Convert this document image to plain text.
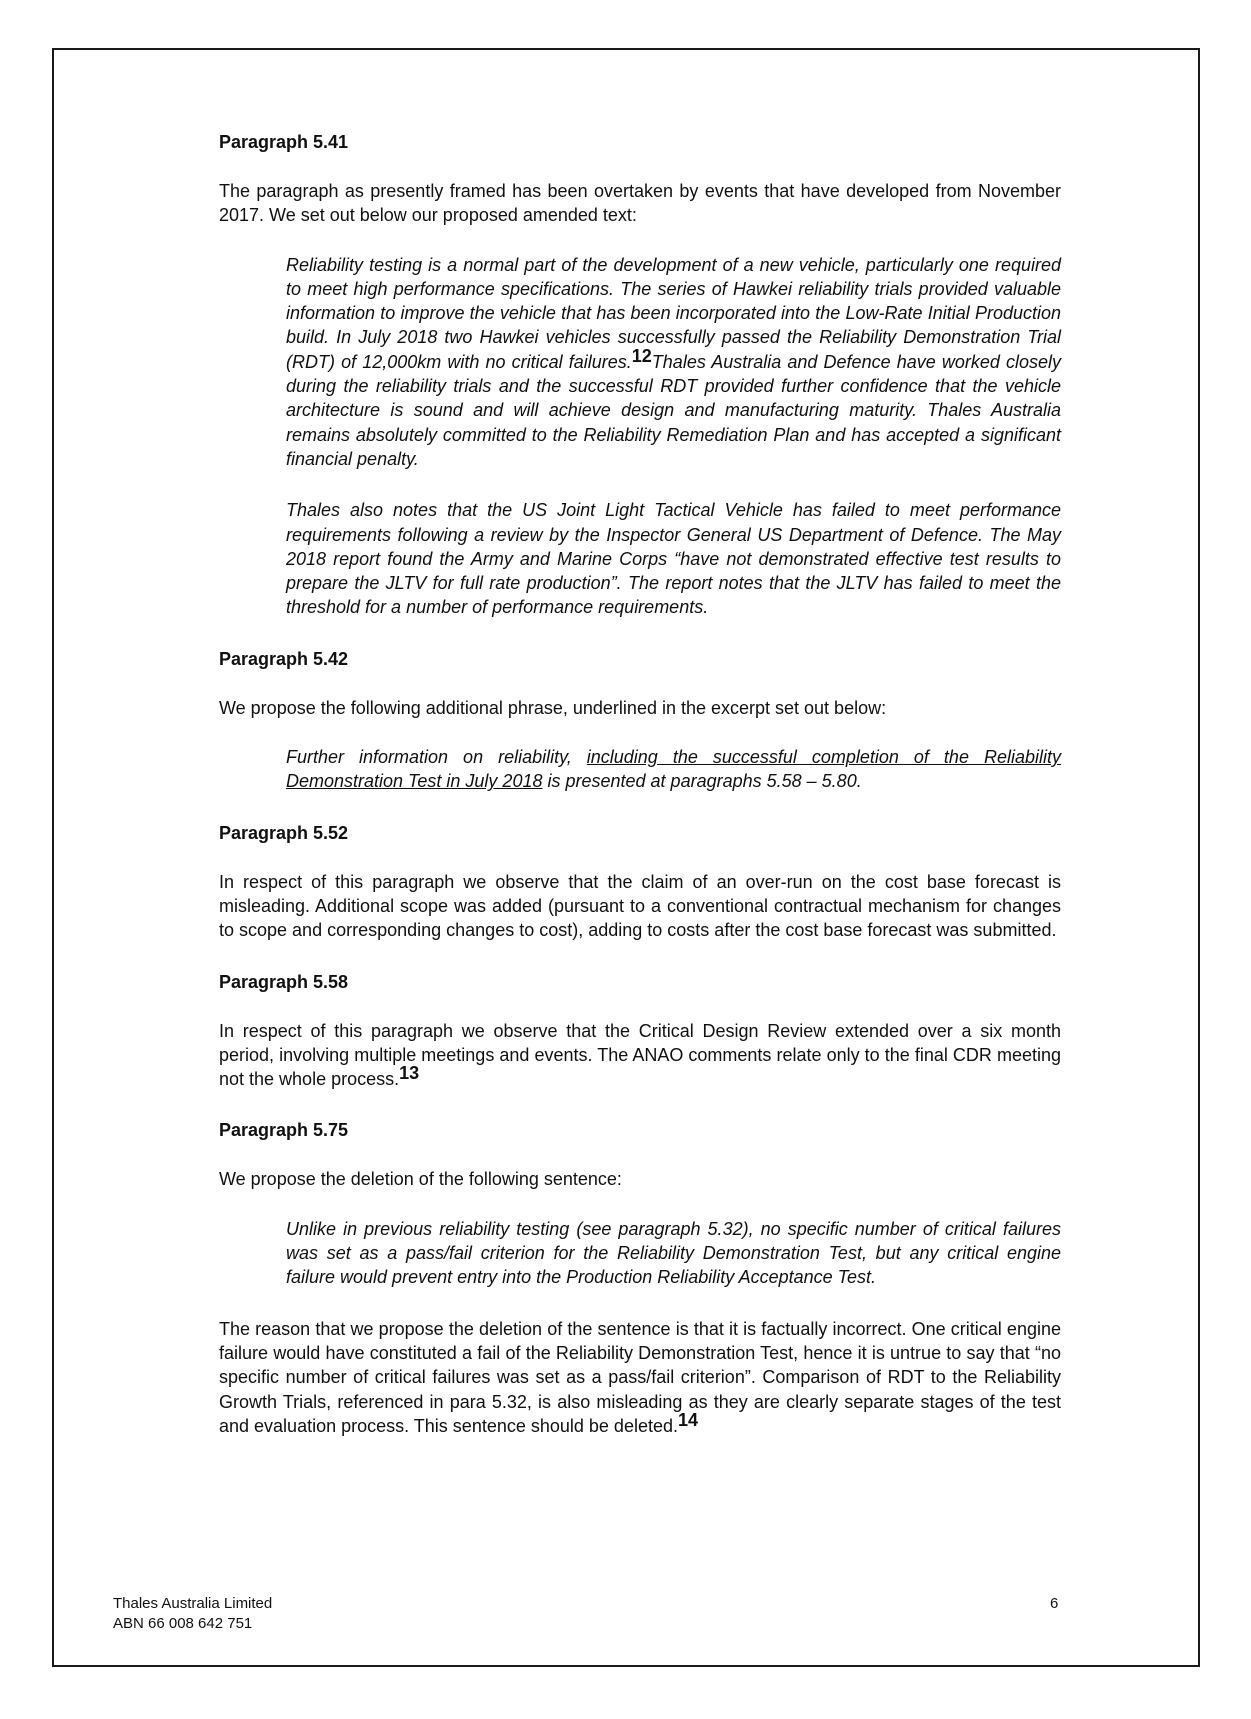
Paragraph 5.41

The paragraph as presently framed has been overtaken by events that have developed from November 2017. We set out below our proposed amended text:

Reliability testing is a normal part of the development of a new vehicle, particularly one required to meet high performance specifications. The series of Hawkei reliability trials provided valuable information to improve the vehicle that has been incorporated into the Low-Rate Initial Production build. In July 2018 two Hawkei vehicles successfully passed the Reliability Demonstration Trial (RDT) of 12,000km with no critical failures.$^{12}$Thales Australia and Defence have worked closely during the reliability trials and the successful RDT provided further confidence that the vehicle architecture is sound and will achieve design and manufacturing maturity. Thales Australia remains absolutely committed to the Reliability Remediation Plan and has accepted a significant financial penalty.

Thales also notes that the US Joint Light Tactical Vehicle has failed to meet performance requirements following a review by the Inspector General US Department of Defence. The May 2018 report found the Army and Marine Corps “have not demonstrated effective test results to prepare the JLTV for full rate production”. The report notes that the JLTV has failed to meet the threshold for a number of performance requirements.

Paragraph 5.42

We propose the following additional phrase, underlined in the excerpt set out below:

Further information on reliability, including the successful completion of the Reliability Demonstration Test in July 2018 is presented at paragraphs 5.58 – 5.80.

Paragraph 5.52

In respect of this paragraph we observe that the claim of an over-run on the cost base forecast is misleading. Additional scope was added (pursuant to a conventional contractual mechanism for changes to scope and corresponding changes to cost), adding to costs after the cost base forecast was submitted.

Paragraph 5.58

In respect of this paragraph we observe that the Critical Design Review extended over a six month period, involving multiple meetings and events. The ANAO comments relate only to the final CDR meeting not the whole process.$^{13}$

Paragraph 5.75

We propose the deletion of the following sentence:

Unlike in previous reliability testing (see paragraph 5.32), no specific number of critical failures was set as a pass/fail criterion for the Reliability Demonstration Test, but any critical engine failure would prevent entry into the Production Reliability Acceptance Test.

The reason that we propose the deletion of the sentence is that it is factually incorrect. One critical engine failure would have constituted a fail of the Reliability Demonstration Test, hence it is untrue to say that “no specific number of critical failures was set as a pass/fail criterion”. Comparison of RDT to the Reliability Growth Trials, referenced in para 5.32, is also misleading as they are clearly separate stages of the test and evaluation process. This sentence should be deleted.$^{14}$

Thales Australia Limited
ABN 66 008 642 751
6
